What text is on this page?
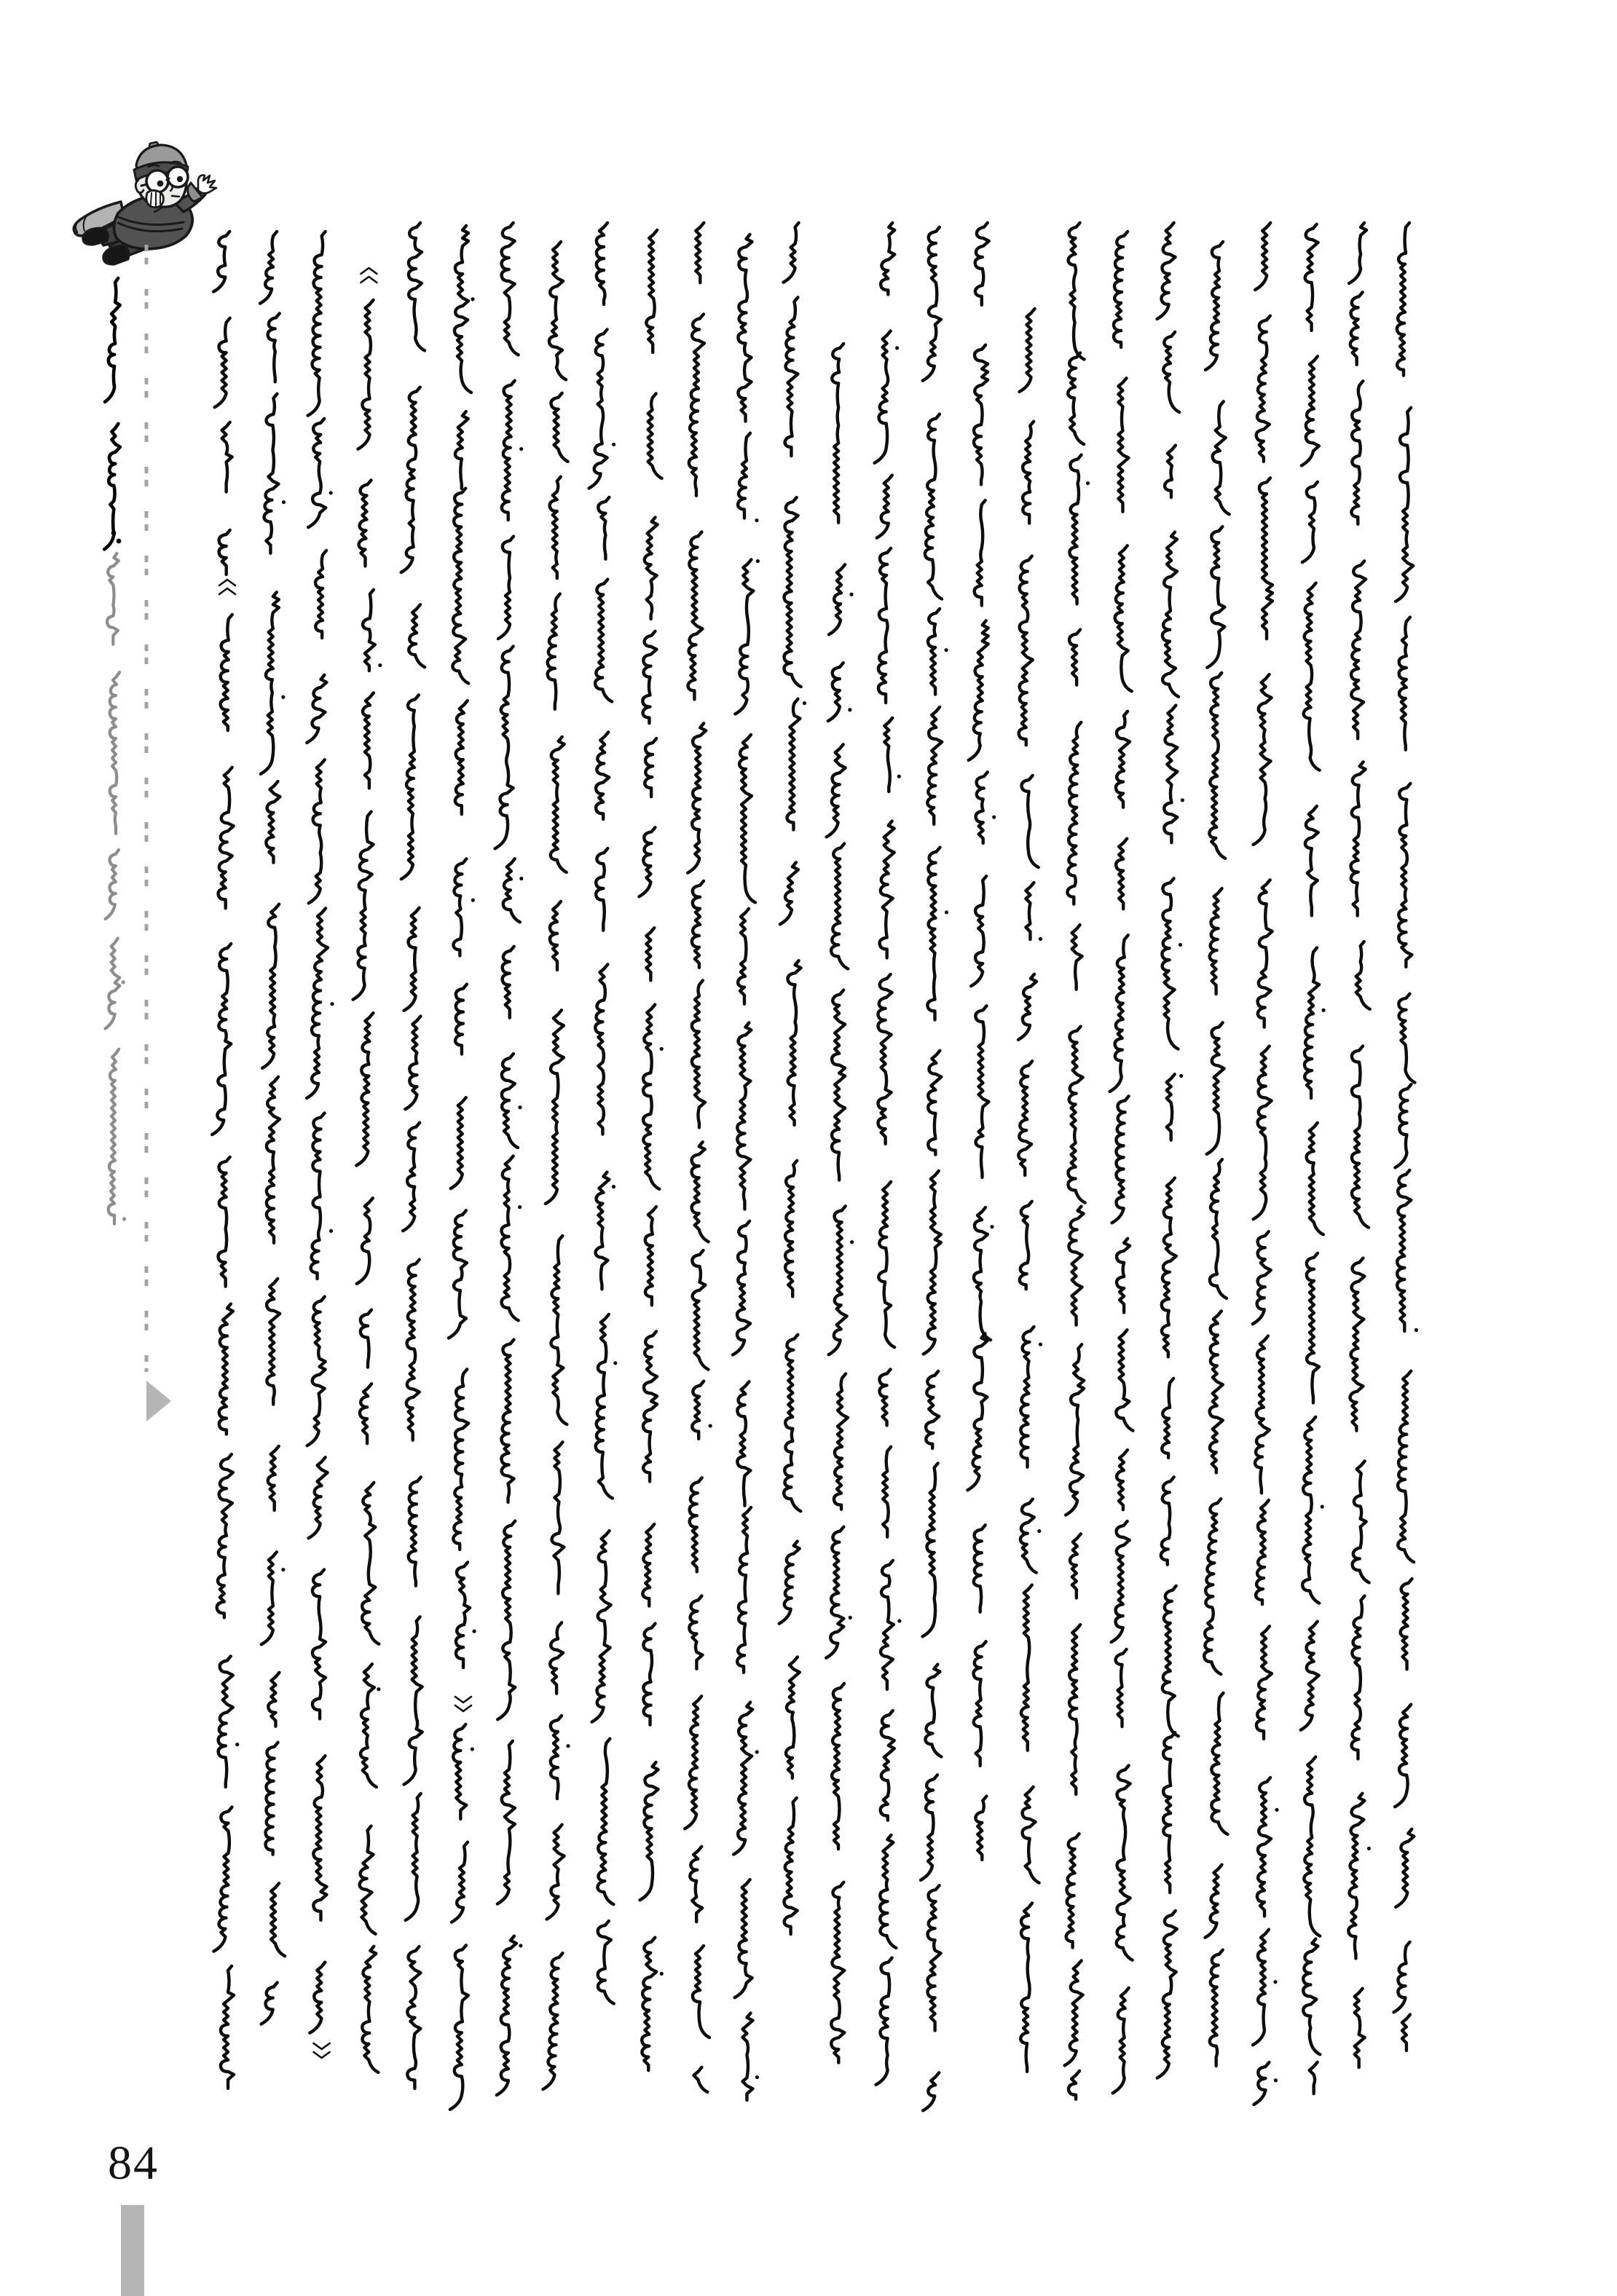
84
